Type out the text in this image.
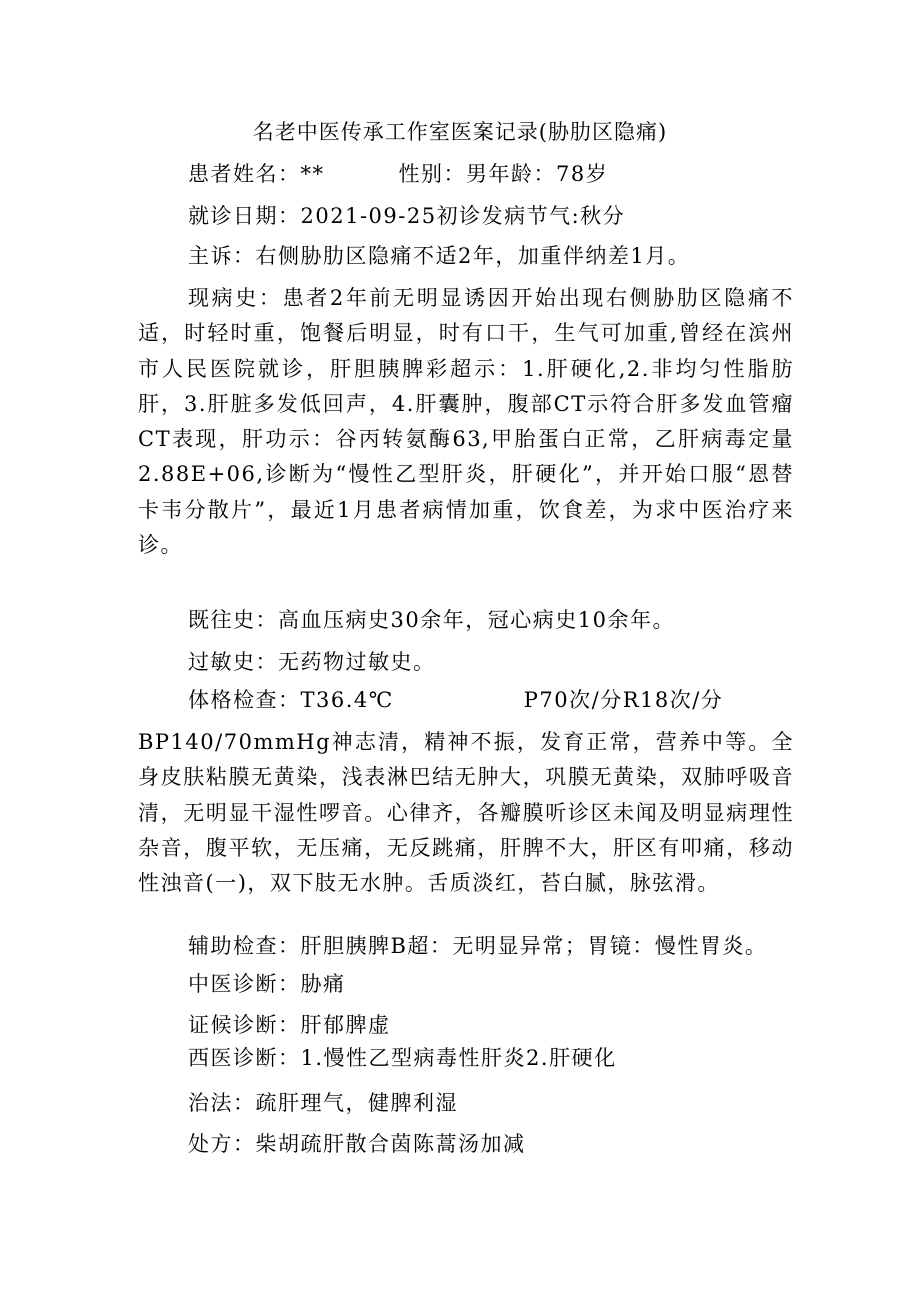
名老中医传承工作室医案记录(胁肋区隐痛)
患者姓名：**	性别：男年龄：78岁
就诊日期：2021-09-25初诊发病节气:秋分
主诉：右侧胁肋区隐痛不适2年，加重伴纳差1月。

现病史：患者2年前无明显诱因开始出现右侧胁肋区隐痛不适，时轻时重，饱餐后明显，时有口干，生气可加重,曾经在滨州市人民医院就诊，肝胆胰脾彩超示：1.肝硬化,2.非均匀性脂肪肝，3.肝脏多发低回声，4.肝囊肿，腹部CT示符合肝多发血管瘤CT表现，肝功示：谷丙转氨酶63,甲胎蛋白正常，乙肝病毒定量2.88E+06,诊断为“慢性乙型肝炎，肝硬化”，并开始口服“恩替卡韦分散片”，最近1月患者病情加重，饮食差，为求中医治疗来诊。

既往史：高血压病史30余年，冠心病史10余年。
过敏史：无药物过敏史。
体格检查：T36.4℃	P70次/分R18次/分

BP140/70mmHg神志清，精神不振，发育正常，营养中等。全身皮肤粘膜无黄染，浅表淋巴结无肿大，巩膜无黄染，双肺呼吸音清，无明显干湿性啰音。心律齐，各瓣膜听诊区未闻及明显病理性杂音，腹平软，无压痛，无反跳痛，肝脾不大，肝区有叩痛，移动性浊音(一)，双下肢无水肿。舌质淡红，苔白腻，脉弦滑。

辅助检查：肝胆胰脾B超：无明显异常；胃镜：慢性胃炎。
中医诊断：胁痛
证候诊断：肝郁脾虚
西医诊断：1.慢性乙型病毒性肝炎2.肝硬化
治法：疏肝理气，健脾利湿
处方：柴胡疏肝散合茵陈蒿汤加减
